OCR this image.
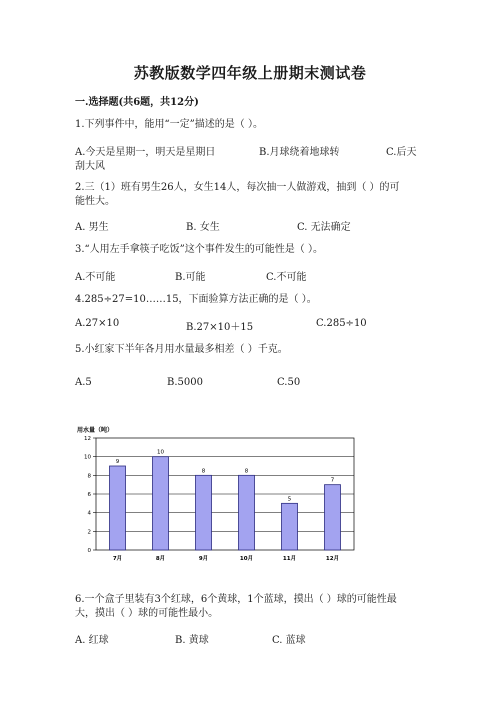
苏教版数学四年级上册期末测试卷
一.选择题(共6题，共12分)
1.下列事件中，能用“一定”描述的是（ ）。
A.今天是星期一，明天是星期日	B.月球绕着地球转	C.后天
刮大风
2.三（1）班有男生26人，女生14人，每次抽一人做游戏，抽到（ ）的可
能性大。
A. 男生	B. 女生	C. 无法确定
3.“人用左手拿筷子吃饭”这个事件发生的可能性是（ ）。
A.不可能	B.可能	C.不可能
4.285÷27=10……15，下面验算方法正确的是（ ）。
A.27×10	B.27×10＋15	C.285÷10
5.小红家下半年各月用水量最多相差（ ）千克。
A.5	B.5000	C.50
用水量（吨）
0
2
4
6
8
10
12
9
7月
10
8月
8
9月
8
10月
5
11月
7
12月
6.一个盒子里装有3个红球，6个黄球，1个蓝球，摸出（ ）球的可能性最
大，摸出（ ）球的可能性最小。
A. 红球	B. 黄球	C. 蓝球
